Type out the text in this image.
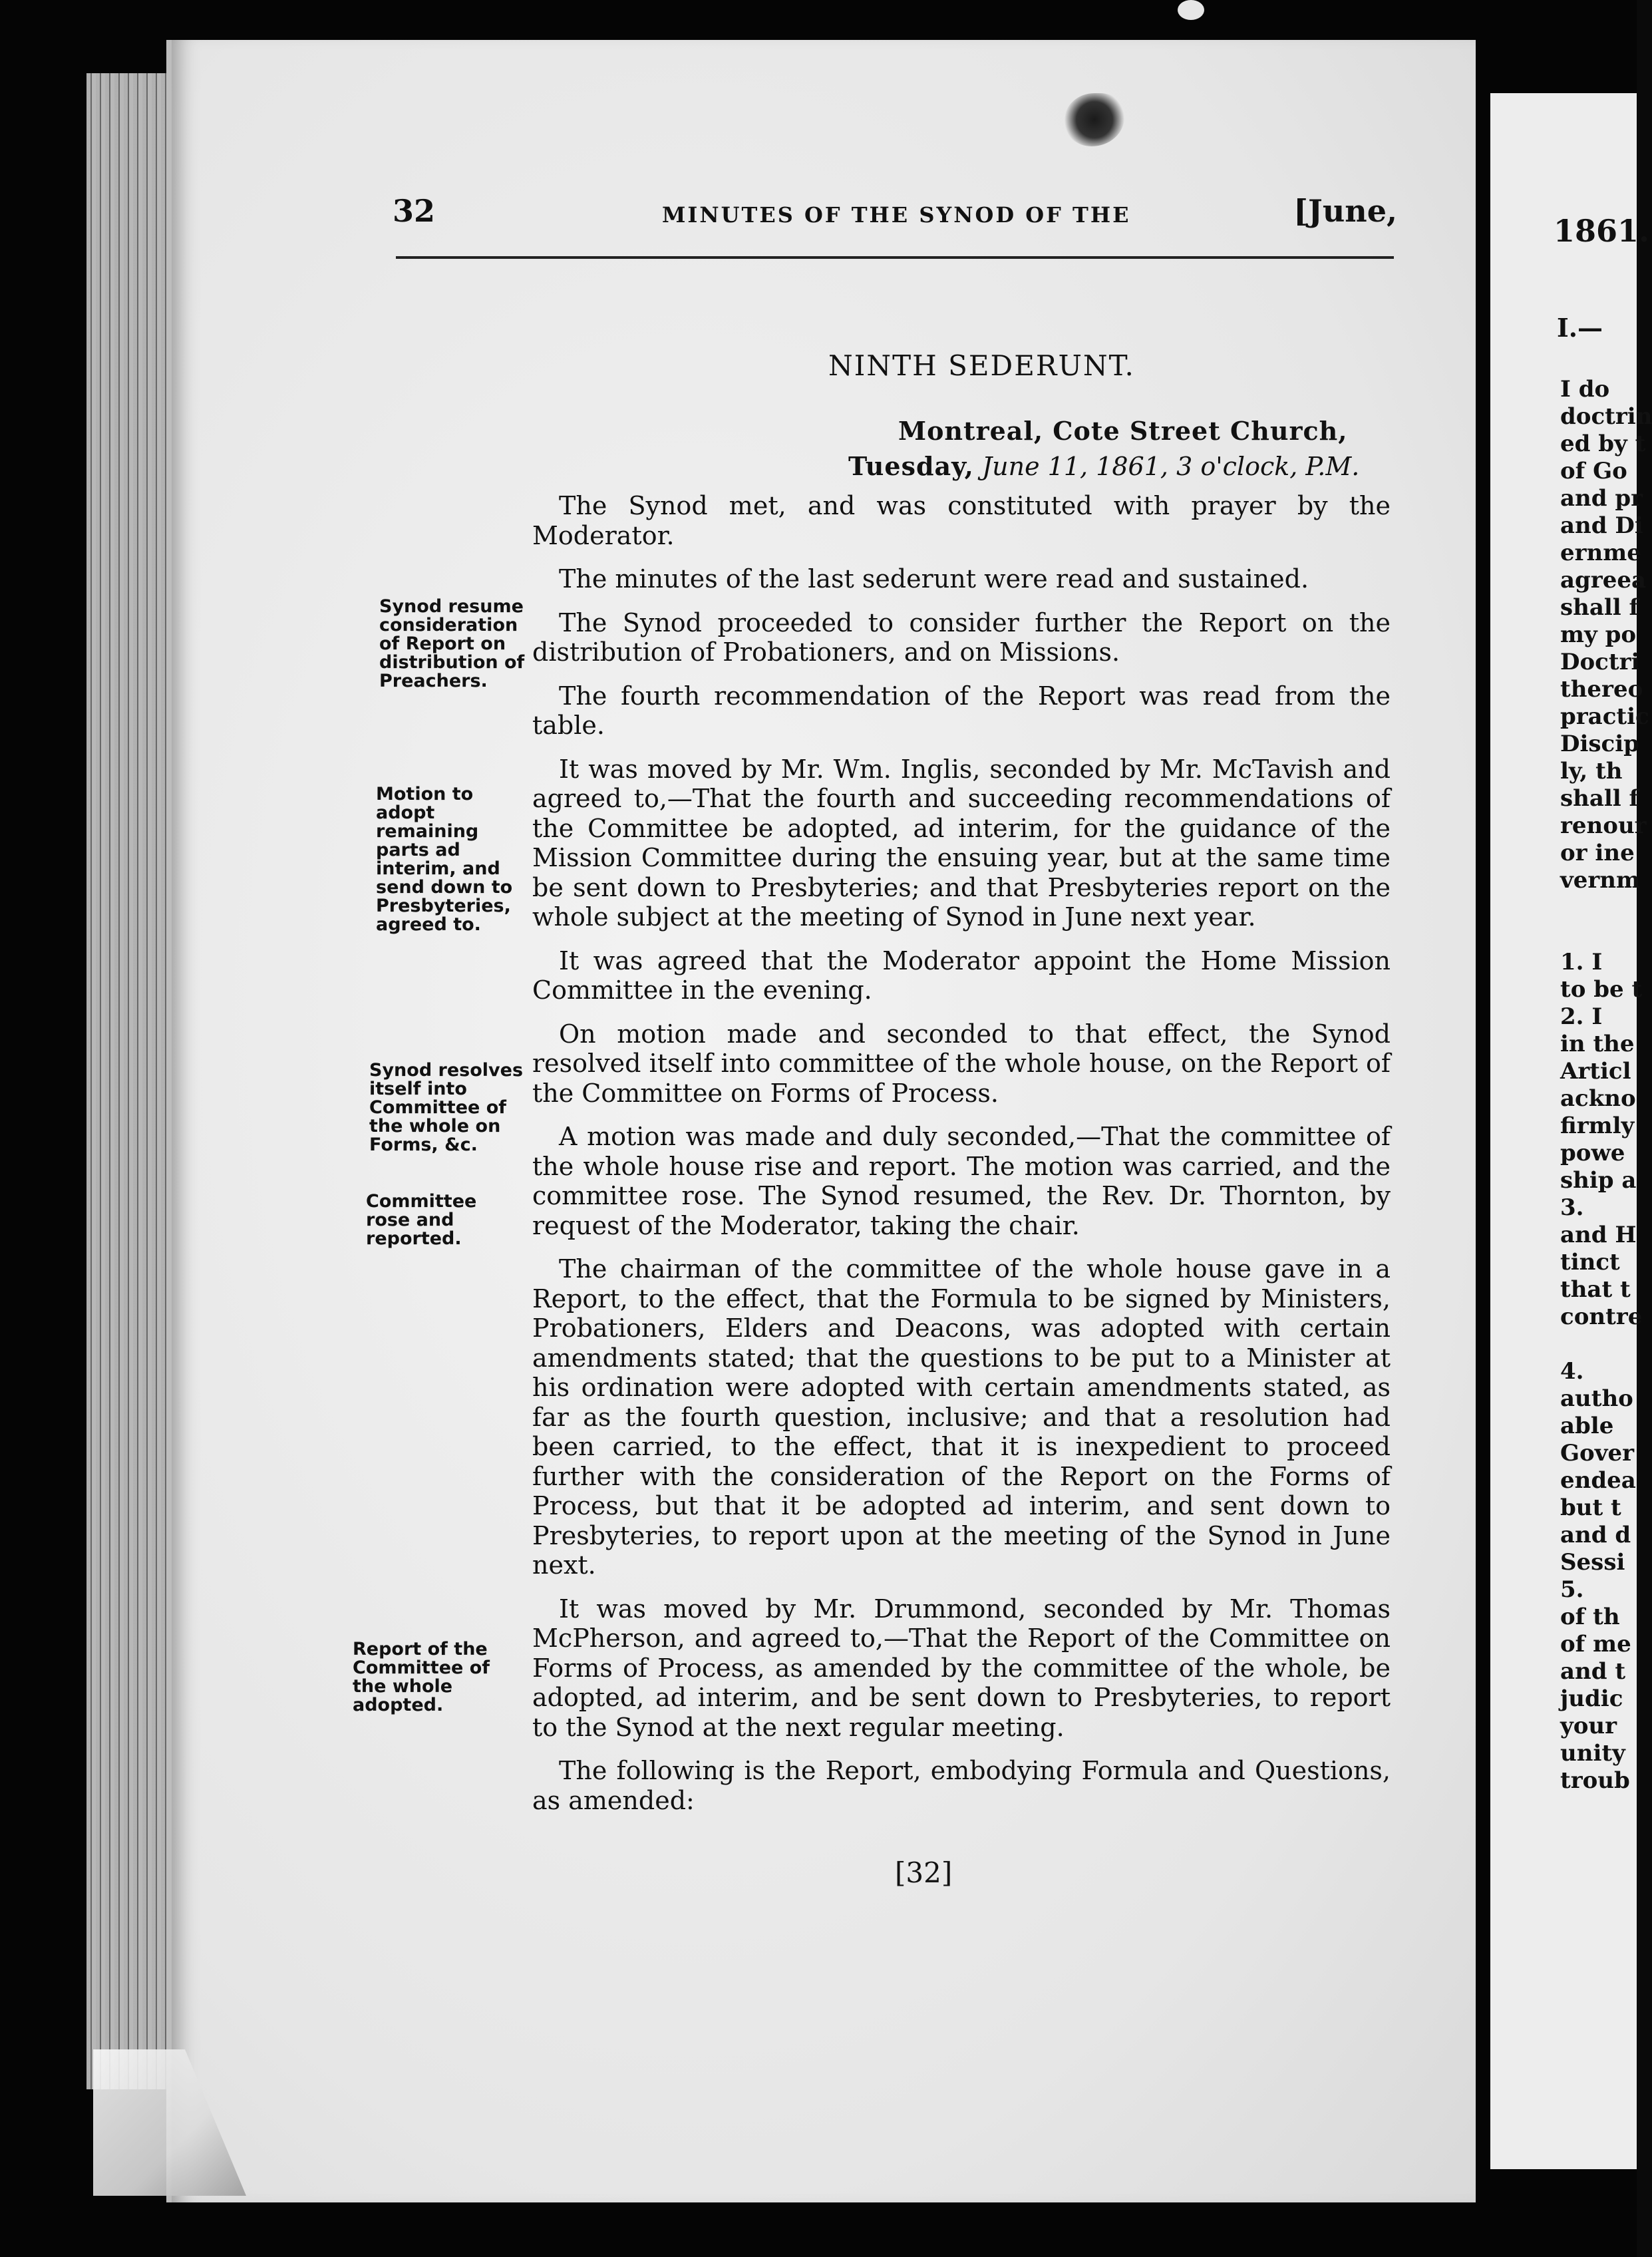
32	MINUTES OF THE SYNOD OF THE	[June,
NINTH SEDERUNT.
Montreal, Cote Street Church,
Tuesday, June 11, 1861, 3 o'clock, P.M.

The Synod met, and was constituted with prayer by the Moderator.

The minutes of the last sederunt were read and sustained.

The Synod proceeded to consider further the Report on the distribution of Probationers, and on Missions.

The fourth recommendation of the Report was read from the table.

It was moved by Mr. Wm. Inglis, seconded by Mr. McTavish and agreed to,—That the fourth and succeeding recommendations of the Committee be adopted, ad interim, for the guidance of the Mission Committee during the ensuing year, but at the same time be sent down to Presbyteries; and that Presbyteries report on the whole subject at the meeting of Synod in June next year.

It was agreed that the Moderator appoint the Home Mission Committee in the evening.

On motion made and seconded to that effect, the Synod resolved itself into committee of the whole house, on the Report of the Committee on Forms of Process.

A motion was made and duly seconded,—That the committee of the whole house rise and report. The motion was carried, and the committee rose. The Synod resumed, the Rev. Dr. Thornton, by request of the Moderator, taking the chair.

The chairman of the committee of the whole house gave in a Report, to the effect, that the Formula to be signed by Ministers, Probationers, Elders and Deacons, was adopted with certain amendments stated; that the questions to be put to a Minister at his ordination were adopted with certain amendments stated, as far as the fourth question, inclusive; and that a resolution had been carried, to the effect, that it is inexpedient to proceed further with the consideration of the Report on the Forms of Process, but that it be adopted ad interim, and sent down to Presbyteries, to report upon at the meeting of the Synod in June next.

It was moved by Mr. Drummond, seconded by Mr. Thomas McPherson, and agreed to,—That the Report of the Committee on Forms of Process, as amended by the committee of the whole, be adopted, ad interim, and be sent down to Presbyteries, to report to the Synod at the next regular meeting.

The following is the Report, embodying Formula and Questions, as amended:

Synod resume consideration of Report on distribution of Preachers.
Motion to adopt remaining parts ad interim, and send down to Presbyteries, agreed to.
Synod resolves itself into Committee of the whole on Forms, &c.
Committee rose and reported.
Report of the Committee of the whole adopted.
[32]
1861.
I.—
I do
doctrin
ed by t
of Go
and pr
and Di
ernme
agreea
shall f
my po
Doctri
thereo
practic
Discip
ly, th
shall f
renour
or ine
vernm

1. I
to be t
2. I
in the
Articl
ackno
firmly
powe
ship a
3.
and H
tinct
that t
contre

4.
autho
able
Gover
endea
but t
and d
Sessi
5.
of th
of me
and t
judic
your
unity
troub
